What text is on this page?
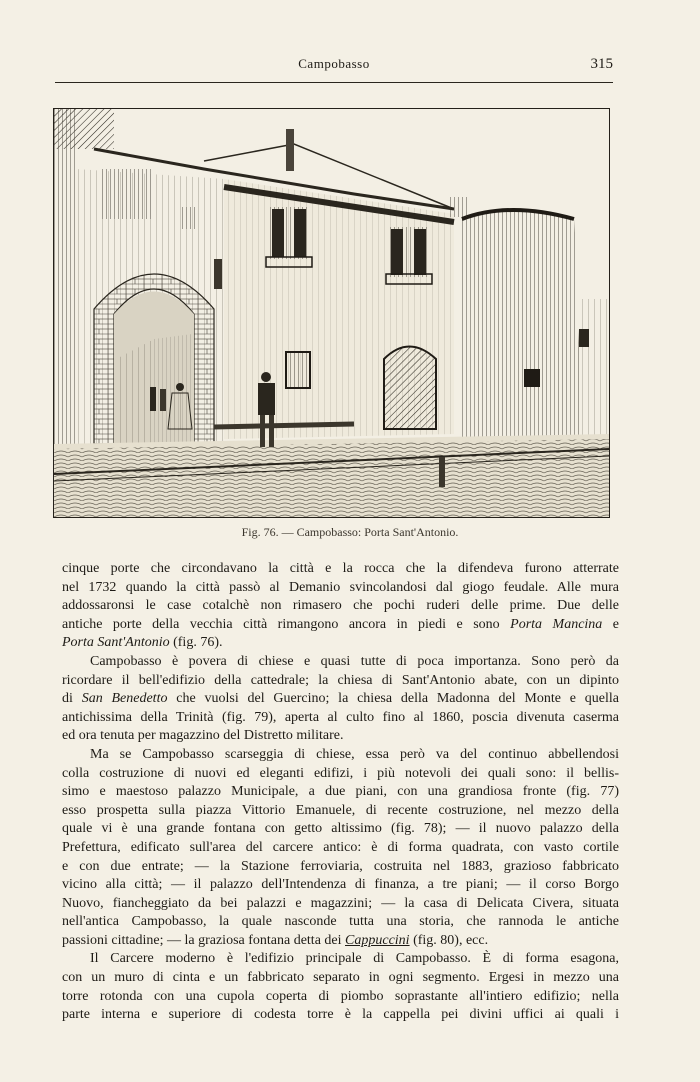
Campobasso	315
Fig. 76. — Campobasso: Porta Sant'Antonio.

cinque porte che circondavano la città e la rocca che la difendeva furono atterrate
nel 1732 quando la città passò al Demanio svincolandosi dal giogo feudale. Alle mura
addossaronsi le case cotalchè non rimasero che pochi ruderi delle prime. Due delle
antiche porte della vecchia città rimangono ancora in piedi e sono Porta Mancina e
Porta Sant'Antonio (fig. 76).

Campobasso è povera di chiese e quasi tutte di poca importanza. Sono però da
ricordare il bell'edifizio della cattedrale; la chiesa di Sant'Antonio abate, con un dipinto
di San Benedetto che vuolsi del Guercino; la chiesa della Madonna del Monte e quella
antichissima della Trinità (fig. 79), aperta al culto fino al 1860, poscia divenuta caserma
ed ora tenuta per magazzino del Distretto militare.

Ma se Campobasso scarseggia di chiese, essa però va del continuo abbellendosi
colla costruzione di nuovi ed eleganti edifizi, i più notevoli dei quali sono: il bellis-
simo e maestoso palazzo Municipale, a due piani, con una grandiosa fronte (fig. 77)
esso prospetta sulla piazza Vittorio Emanuele, di recente costruzione, nel mezzo della
quale vi è una grande fontana con getto altissimo (fig. 78); — il nuovo palazzo della
Prefettura, edificato sull'area del carcere antico: è di forma quadrata, con vasto cortile
e con due entrate; — la Stazione ferroviaria, costruita nel 1883, grazioso fabbricato
vicino alla città; — il palazzo dell'Intendenza di finanza, a tre piani; — il corso Borgo
Nuovo, fiancheggiato da bei palazzi e magazzini; — la casa di Delicata Civera, situata
nell'antica Campobasso, la quale nasconde tutta una storia, che rannoda le antiche
passioni cittadine; — la graziosa fontana detta dei Cappuccini (fig. 80), ecc.

Il Carcere moderno è l'edifizio principale di Campobasso. È di forma esagona,
con un muro di cinta e un fabbricato separato in ogni segmento. Ergesi in mezzo una
torre rotonda con una cupola coperta di piombo soprastante all'intiero edifizio; nella
parte interna e superiore di codesta torre è la cappella pei divini uffici ai quali i
